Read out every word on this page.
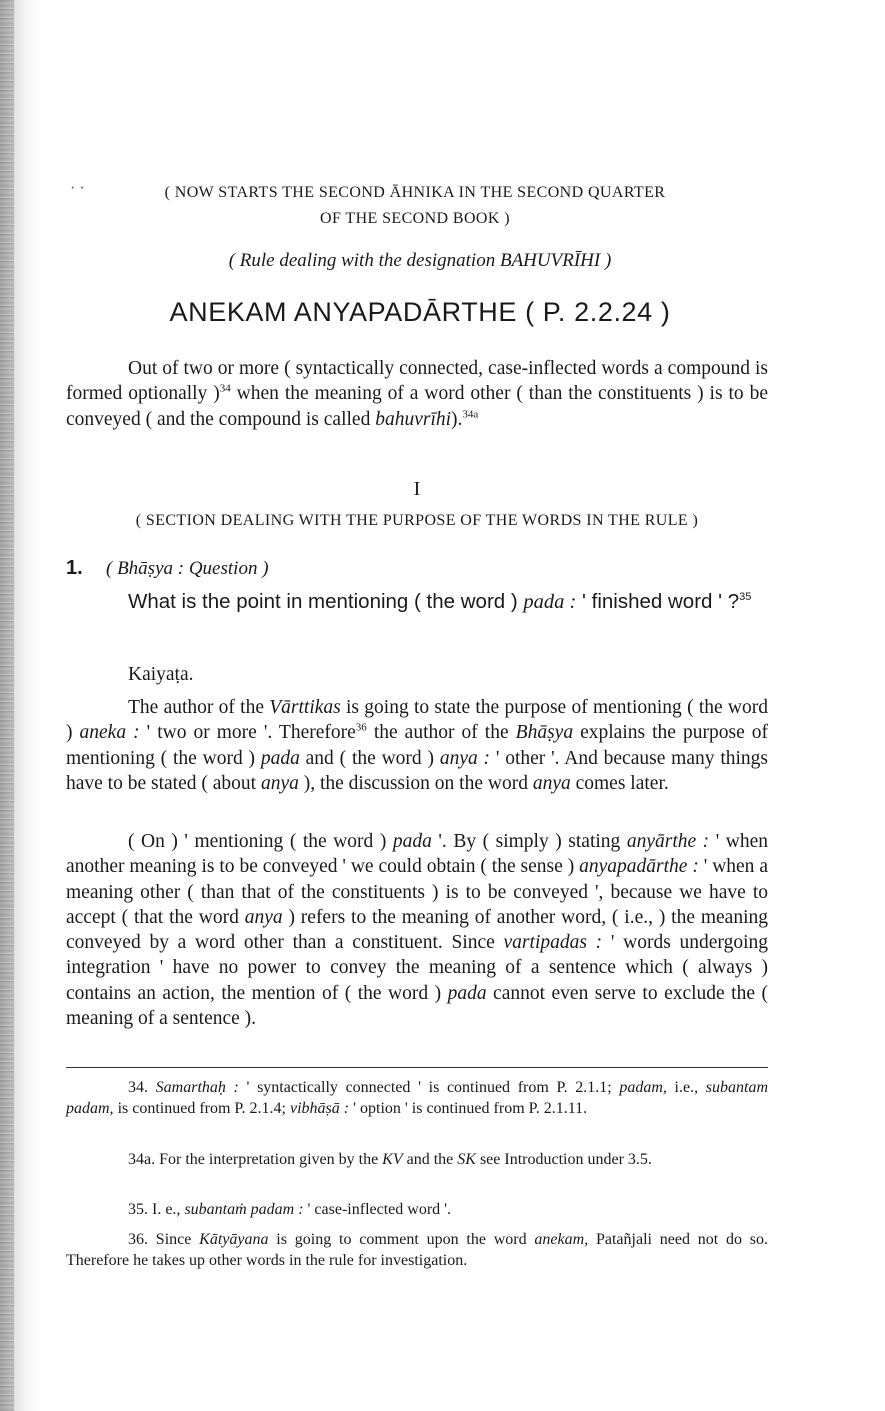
· ·	( NOW STARTS THE SECOND ĀHNIKA IN THE SECOND QUARTER
OF THE SECOND BOOK )
( Rule dealing with the designation BAHUVRĪHI )
ANEKAM ANYAPADĀRTHE ( P. 2.2.24 )
Out of two or more ( syntactically connected, case-inflected words a compound is formed optionally )$^{34}$ when the meaning of a word other ( than the constituents ) is to be conveyed ( and the compound is called bahuvrīhi).$^{34a}$
I
( SECTION DEALING WITH THE PURPOSE OF THE WORDS IN THE RULE )
1. ( Bhāṣya : Question )
What is the point in mentioning ( the word ) pada : ' finished word ' ?$^{35}$
Kaiyaṭa.
The author of the Vārttikas is going to state the purpose of mentioning ( the word ) aneka : ' two or more '. Therefore$^{36}$ the author of the Bhāṣya explains the purpose of mentioning ( the word ) pada and ( the word ) anya : ' other '. And because many things have to be stated ( about anya ), the discussion on the word anya comes later.
( On ) ' mentioning ( the word ) pada '. By ( simply ) stating anyārthe : ' when another meaning is to be conveyed ' we could obtain ( the sense ) anyapadārthe : ' when a meaning other ( than that of the constituents ) is to be conveyed ', because we have to accept ( that the word anya ) refers to the meaning of another word, ( i.e., ) the meaning conveyed by a word other than a constituent. Since vartipadas : ' words undergoing integration ' have no power to convey the meaning of a sentence which ( always ) contains an action, the mention of ( the word ) pada cannot even serve to exclude the ( meaning of a sentence ).
34. Samarthaḥ : ' syntactically connected ' is continued from P. 2.1.1; padam, i.e., subantam padam, is continued from P. 2.1.4; vibhāṣā : ' option ' is continued from P. 2.1.11.
34a. For the interpretation given by the KV and the SK see Introduction under 3.5.
35. I. e., subantaṁ padam : ' case-inflected word '.
36. Since Kātyāyana is going to comment upon the word anekam, Patañjali need not do so. Therefore he takes up other words in the rule for investigation.
